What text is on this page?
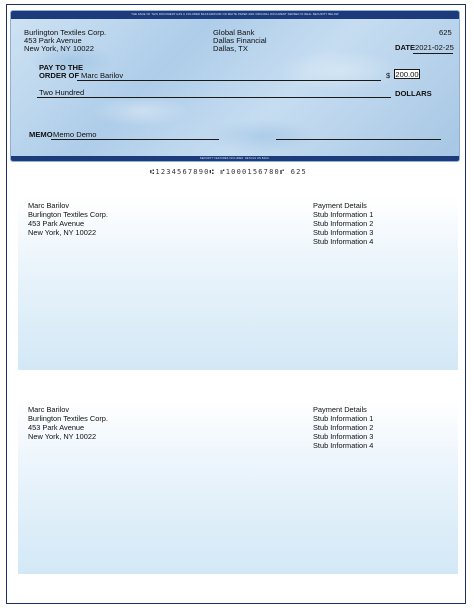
THE FACE OF THIS DOCUMENT HAS A COLORED BACKGROUND ON WHITE PAPER AND ORIGINAL DOCUMENT SENSED IN REAL SECURITY BELOW
Burlington Textiles Corp.
453 Park Avenue
New York, NY 10022
Global Bank
Dallas Financial
Dallas, TX
625
DATE 2021-02-25
PAY TO THE
ORDER OF Marc Barilov	$ 200.00
Two Hundred	DOLLARS
MEMO Memo Demo
SECURITY FEATURES INCLUDED. DETAILS ON BACK.
⑆1234567890⑆ ⑈1000156780⑈ 625
Marc Barilov
Burlington Textiles Corp.
453 Park Avenue
New York, NY 10022
Payment Details
Stub Information 1
Stub Information 2
Stub Information 3
Stub Information 4
Marc Barilov
Burlington Textiles Corp.
453 Park Avenue
New York, NY 10022
Payment Details
Stub Information 1
Stub Information 2
Stub Information 3
Stub Information 4
